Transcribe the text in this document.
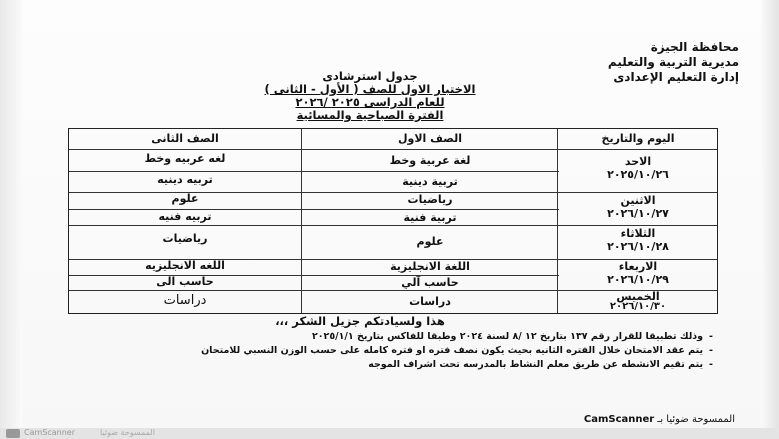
محافظة الجيزة
مديرية التربية والتعليم
إدارة التعليم الإعدادى
جدول استرشادى
الاختبار الاول للصف ( الأول - الثانى )
للعام الدراسى ٢٠٢٥ /٢٠٢٦
الفترة الصباحية والمسائية
اليوم والتاريخ
الصف الاول
الصف الثانى
الاحد
٢٠٢٥/١٠/٢٦
لغة عربية وخط
تربية دينية
لغه عربيه وخط
تربيه دينيه
الاثنين
٢٠٢٦/١٠/٢٧
رياضيات
تربية فنية
علوم
تربيه فنيه
الثلاثاء
٢٠٢٦/١٠/٢٨
علوم
رياضيات
الاربعاء
٢٠٢٦/١٠/٢٩
اللغة الانجليزية
حاسب آلي
اللغه الانجليزيه
حاسب الى
الخميس
٢٠٢٦/١٠/٣٠
دراسات
دراسات
هذا ولسيادتكم جزيل الشكر ،،،
-وذلك تطبيقا للقرار رقم ١٣٧ بتاريخ ١٢ /٨ لسنة ٢٠٢٤ وطبقا للفاكس بتاريخ ٢٠٢٥/١/١
-يتم عقد الامتحان خلال الفتره الثانيه بحيث يكون نصف فتره او فتره كامله على حسب الوزن النسبي للامتحان
-يتم تقيم الانشطه عن طريق معلم النشاط بالمدرسه تحت اشراف الموجه
الممسوحة ضوئيا بـ CamScanner
CamScanner	الممسوحة ضوئيا
